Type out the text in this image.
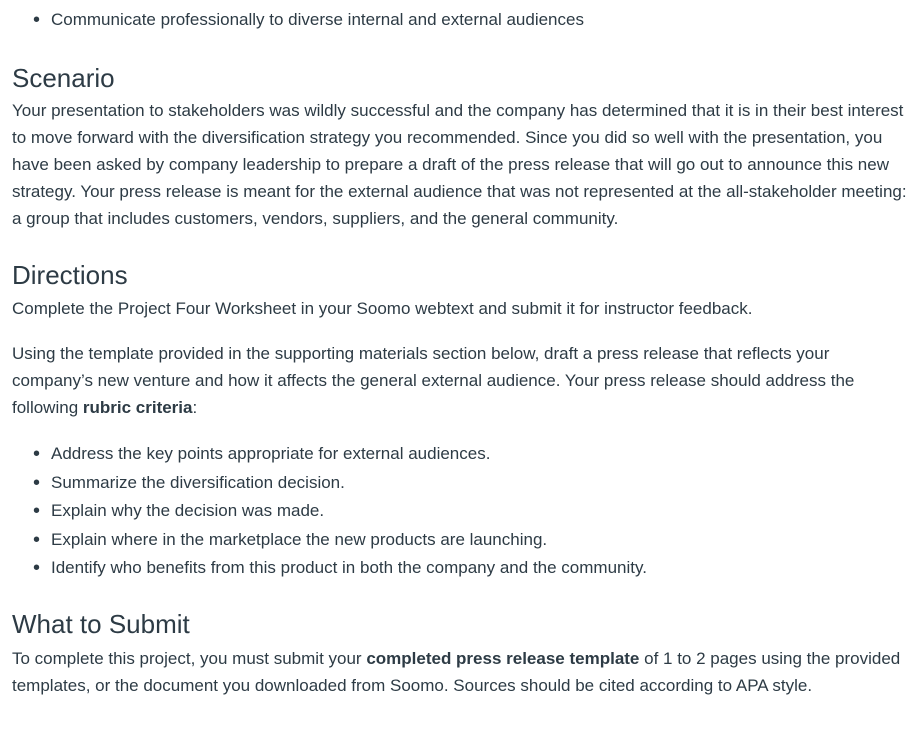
• Communicate professionally to diverse internal and external audiences
Scenario

Your presentation to stakeholders was wildly successful and the company has determined that it is in their best interest to move forward with the diversification strategy you recommended. Since you did so well with the presentation, you have been asked by company leadership to prepare a draft of the press release that will go out to announce this new strategy. Your press release is meant for the external audience that was not represented at the all-stakeholder meeting: a group that includes customers, vendors, suppliers, and the general community.

Directions

Complete the Project Four Worksheet in your Soomo webtext and submit it for instructor feedback.

Using the template provided in the supporting materials section below, draft a press release that reflects your company’s new venture and how it affects the general external audience. Your press release should address the following rubric criteria:

• Address the key points appropriate for external audiences.
• Summarize the diversification decision.
• Explain why the decision was made.
• Explain where in the marketplace the new products are launching.
• Identify who benefits from this product in both the company and the community.
What to Submit

To complete this project, you must submit your completed press release template of 1 to 2 pages using the provided templates, or the document you downloaded from Soomo. Sources should be cited according to APA style.
